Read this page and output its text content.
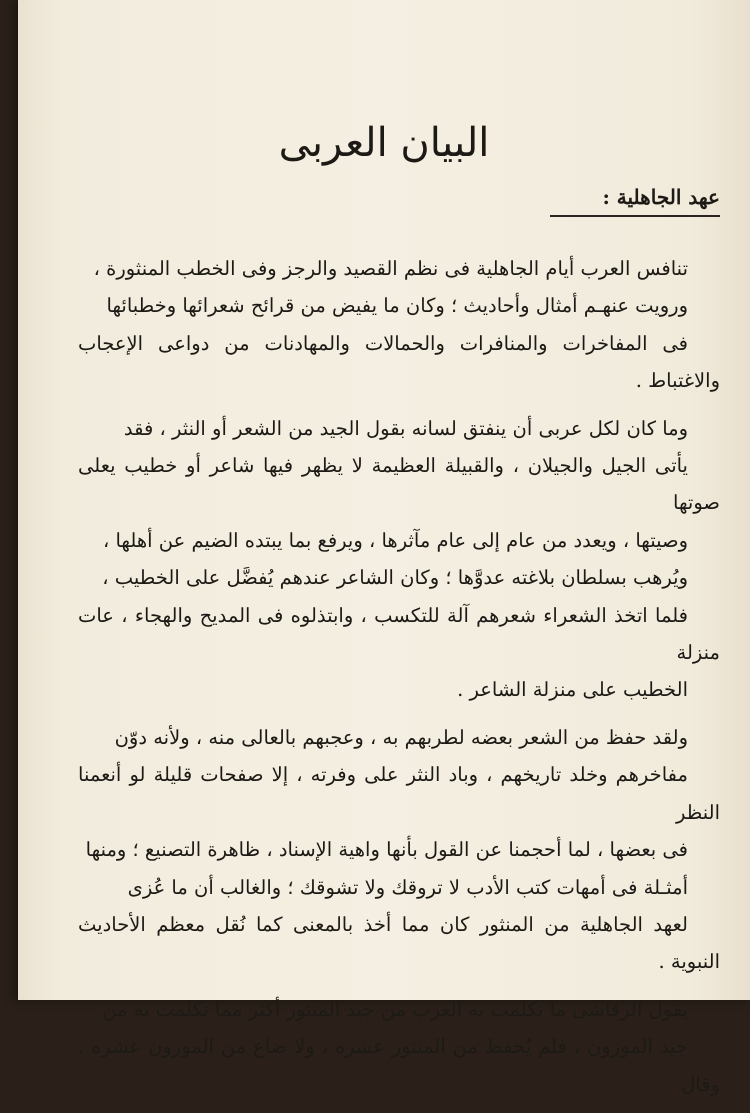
البيان العربى
عهد الجاهلية :

تنافس العرب أيام الجاهلية فى نظم القصيد والرجز وفى الخطب المنثورة ،
ورويت عنهـم أمثال وأحاديث ؛ وكان ما يفيض من قرائح شعرائها وخطبائها
فى المفاخرات والمنافرات والحمالات والمهادنات من دواعى الإعجاب والاغتباط .

وما كان لكل عربى أن ينفتق لسانه بقول الجيد من الشعر أو النثر ، فقد
يأتى الجيل والجيلان ، والقبيلة العظيمة لا يظهر فيها شاعر أو خطيب يعلى صوتها
وصيتها ، ويعدد من عام إلى عام مآثرها ، ويرفع بما يبتده الضيم عن أهلها ،
ويُرهب بسلطان بلاغته عدوَّها ؛ وكان الشاعر عندهم يُفضَّل على الخطيب ،
فلما اتخذ الشعراء شعرهم آلة للتكسب ، وابتذلوه فى المديح والهجاء ، عات منزلة
الخطيب على منزلة الشاعر .

ولقد حفظ من الشعر بعضه لطربهم به ، وعجبهم بالعالى منه ، ولأنه دوّن
مفاخرهم وخلد تاريخهم ، وباد النثر على وفرته ، إلا صفحات قليلة لو أنعمنا النظر
فى بعضها ، لما أحجمنا عن القول بأنها واهية الإسناد ، ظاهرة التصنيع ؛ ومنها
أمثـلة فى أمهات كتب الأدب لا تروقك ولا تشوقك ؛ والغالب أن ما عُزى
لعهد الجاهلية من المنثور كان مما أخذ بالمعنى كما نُقل معظم الأحاديث النبوية .

يقول الرقاشى ما تكلمت به العرب من جيد المنثور أكثر مما تكلمت به من
جيد الموزون ، فلم يُحفظ من المنثور عشره ، ولا ضاع من الموزون عشره . وقال
